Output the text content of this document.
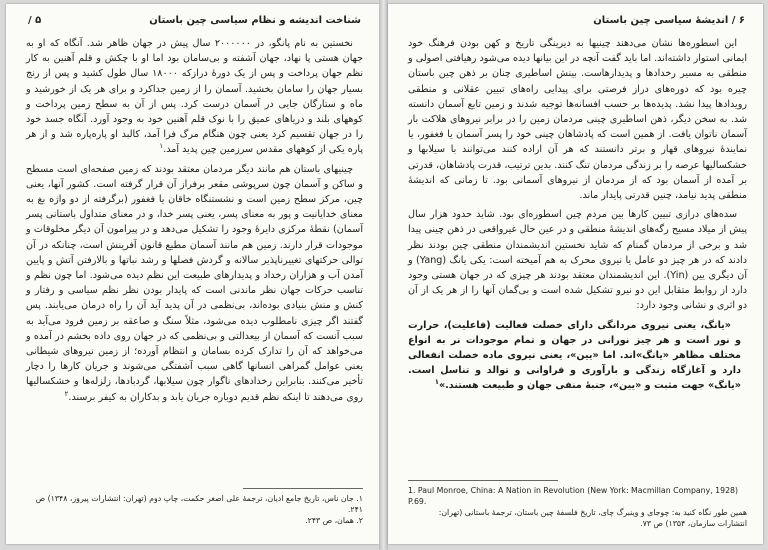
شناخت اندیشه و نظام سیاسی چین باستان
۵ /

نخستین به نام پانگو، در ۲۰۰۰۰۰۰ سال پیش در جهان ظاهر شد. آنگاه که او به جهان هستی پا نهاد، جهان آشفته و بی‌سامان بود اما او با چکش و قلم آهنین به کار نظم جهان پرداخت و پس از یک دورهٔ درازکه ۱۸۰۰۰ سال طول کشید و پس از رنج بسیار جهان را سامان بخشید. آسمان را از زمین جداکرد و برای هر یک از خورشید و ماه و ستارگان جایی در آسمان درست کرد. پس از آن به سطح زمین پرداخت و کوههای بلند و دریاهای عمیق را با نوک قلم آهنین خود به وجود آورد. آنگاه جسد خود را در جهان تقسیم کرد یعنی چون هنگام مرگ فرا آمد، کالبد او پاره‌پاره شد و از هر پاره یکی از کوههای مقدس سرزمین چین پدید آمد.$^۱$

چینیهای باستان هم مانند دیگر مردمان معتقد بودند که زمین صفحه‌ای است مسطح و ساکن و آسمان چون سرپوشی مقعر برفراز آن قرار گرفته است. کشور آنها، یعنی چین، مرکز سطح زمین است و نشستنگاه خاقان یا فغفور (برگرفته از دو واژه بغ به معنای خدایانیت و پور به معنای پسر، یعنی پسر خدا، و در معنای متداول باستانی پسر آسمان) نقطهٔ مرکزی دایرهٔ وجود را تشکیل می‌دهد و در پیرامون آن دیگر مخلوقات و موجودات قرار دارند. زمین هم مانند آسمان مطیع قانون آفرینش است، چنانکه در آن توالی حرکتهای تغییرناپذیر سالانه و گردش فصلها و رشد نباتها و بالارفتن آتش و پایین آمدن آب و هزاران رخداد و پدیدارهای طبیعت این نظم دیده می‌شود. اما چون نظم و تناسب حرکات جهان نظر ماندنی است که پایدار بودن نظر نظم سیاسی و رفتار و کنش و منش بنیادی بوده‌اند، بی‌نظمی در آن پدید آید آن را راه درمان می‌یابند. پس گفتند اگر چیزی نامطلوب دیده می‌شود، مثلاً سنگ و صاعقه بر زمین فرود می‌آید به سبب آنست که آسمان از بیعدالتی و بی‌نظمی که در جهان روی داده بخشم در آمده و می‌خواهد که آن را تدارک کرده بسامان و انتظام آورده؛ از زمین نیروهای شیطانی یعنی عوامل گمراهی انسانها گاهی سبب آشفتگی می‌شوند و جریان کارها را دچار تأخیر می‌کنند. بنابراین رخدادهای ناگوار چون سیلابها، گردبادها، زلزله‌ها و خشکسالیها روی می‌دهند تا اینکه نظم قدیم دوباره جریان یابد و بدکاران به کیفر برسند.$^۲$

۱. جان ناس، تاریخ جامع ادیان، ترجمهٔ علی اصغر حکمت، چاپ دوم (تهران: انتشارات پیروز، ۱۳۴۸) ص ۲۴۱.
۲. همان، ص ۲۴۳.
۶ / اندیشهٔ سیاسی چین باستان

این اسطوره‌ها نشان می‌دهند چینیها به دیرینگی تاریخ و کهن بودن فرهنگ خود ایمانی استوار داشته‌اند. اما باید گفت آنچه در این بیانها دیده می‌شود رهیافتی اصولی و منطقی به مسیر رخدادها و پدیدارهاست. بینش اساطیری چنان بر ذهن چین باستان چیره بود که دوره‌های دراز فرصتی برای پیدایی راه‌های تبیین عقلانی و منطقی رویدادها پیدا نشد. پدیده‌ها بر حسب افسانه‌ها توجیه شدند و زمین تابع آسمان دانسته شد. به سخن دیگر، ذهن اساطیری چینی مردمان زمین را در برابر نیروهای هلاکت بار آسمان ناتوان یافت. از همین است که پادشاهان چینی خود را پسر آسمان یا فغفور، یا نمایندهٔ نیروهای قهار و برتر دانستند که هر آن اراده کنند می‌توانند با سیلابها و خشکسالیها عرصه را بر زندگی مردمان تنگ کنند. بدین ترتیب، قدرت پادشاهان، قدرتی بر آمده از آسمان بود که از مردمان از نیروهای آسمانی بود. تا زمانی که اندیشهٔ منطقی پدید نیامد، چنین قدرتی پایدار ماند.

سده‌های درازی تبیین کارها بین مردم چین اسطوره‌ای بود. شاید حدود هزار سال پیش از میلاد مسیح رگه‌های اندیشهٔ منطقی و در عین حال غیرواقعی در ذهن چینی پیدا شد و برخی از مردمان گمنام که شاید نخستین اندیشمندان منطقی چین بودند نظر دادند که در هر چیز دو عامل یا نیروی محرک به هم آمیخته است: یکی یانگ (Yang) و آن دیگری یین (Yin). این اندیشمندان معتقد بودند هر چیزی که در جهان هستی وجود دارد از روابط متقابل این دو نیرو تشکیل شده است و بی‌گمان آنها را از هر یک از آن دو اثری و نشانی وجود دارد:

«یانگ، یعنی نیروی مردانگی دارای خصلت فعالیت (فاعلیت)، حرارت و نور است و هر چیز نورانی در جهان و تمام موجودات نر به انواع مختلف مظاهر «یانگ»اند. اما «یین»، یعنی نیروی ماده خصلت انفعالی دارد و آغازگاه زندگی و بارآوری و فراوانی و توالد و تناسل است. «یانگ» جهت مثبت و «یین»، جنبهٔ منفی جهان و طبیعت هستند.»$^۱$

1. Paul Monroe, China: A Nation in Revolution (New York: Macmillan Company, 1928) P.69.
همین طور نگاه کنید به: چوجای و وینبرگ چای، تاریخ فلسفهٔ چین باستان، ترجمهٔ باستانی (تهران: انتشارات سازمان، ۱۳۵۴) ص ۷۳.
